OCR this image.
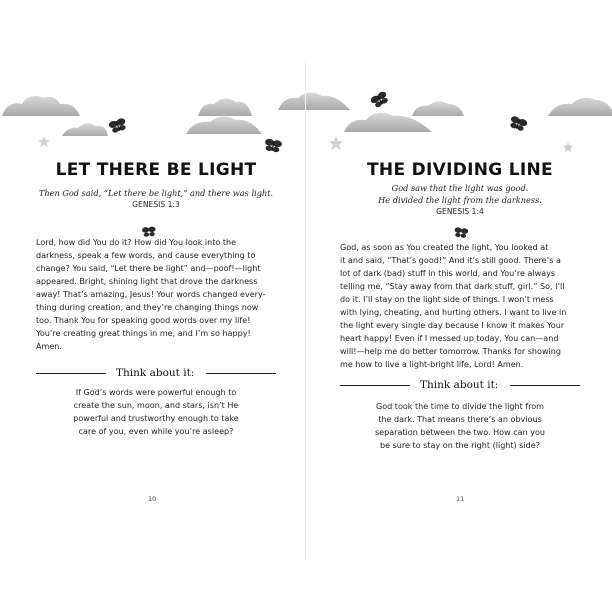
LET THERE BE LIGHT
Then God said, “Let there be light,” and there was light.
GENESIS 1:3
Lord, how did You do it? How did You look into the
darkness, speak a few words, and cause everything to
change? You said, “Let there be light” and—poof!—light
appeared. Bright, shining light that drove the darkness
away! That’s amazing, Jesus! Your words changed every-
thing during creation, and they’re changing things now
too. Thank You for speaking good words over my life!
You’re creating great things in me, and I’m so happy!
Amen.
Think about it:
If God’s words were powerful enough to
create the sun, moon, and stars, isn’t He
powerful and trustworthy enough to take
care of you, even while you’re asleep?
10
THE DIVIDING LINE
God saw that the light was good.
He divided the light from the darkness.
GENESIS 1:4
God, as soon as You created the light, You looked at
it and said, “That’s good!” And it’s still good. There’s a
lot of dark (bad) stuff in this world, and You’re always
telling me, “Stay away from that dark stuff, girl.” So, I’ll
do it. I’ll stay on the light side of things. I won’t mess
with lying, cheating, and hurting others. I want to live in
the light every single day because I know it makes Your
heart happy! Even if I messed up today, You can—and
will!—help me do better tomorrow. Thanks for showing
me how to live a light-bright life, Lord! Amen.
Think about it:
God took the time to divide the light from
the dark. That means there’s an obvious
separation between the two. How can you
be sure to stay on the right (light) side?
11
